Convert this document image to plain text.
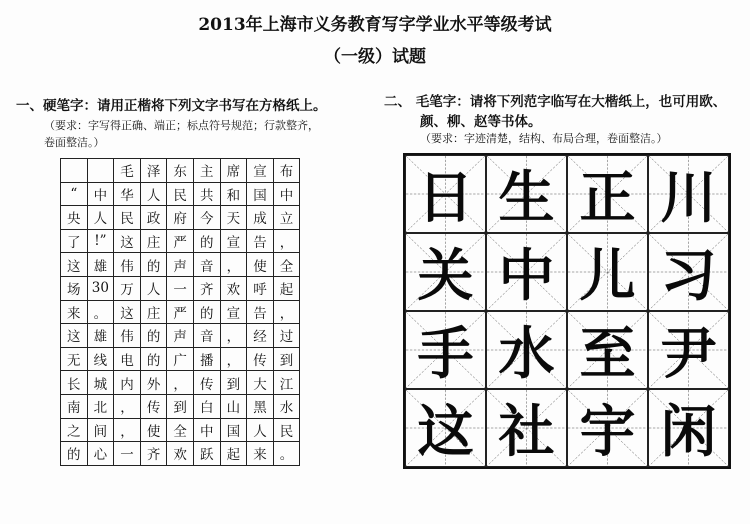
2013年上海市义务教育写字学业水平等级考试
（一级）试题
一、硬笔字：请用正楷将下列文字书写在方格纸上。
（要求：字写得正确、端正；标点符号规范；行款整齐，
卷面整洁。）
		毛	泽	东	主	席	宣	布
“	中	华	人	民	共	和	国	中
央	人	民	政	府	今	天	成	立
了	!”	这	庄	严	的	宣	告	，
这	雄	伟	的	声	音	，	使	全
场	30	万	人	一	齐	欢	呼	起
来	。	这	庄	严	的	宣	告	，
这	雄	伟	的	声	音	，	经	过
无	线	电	的	广	播	，	传	到
长	城	内	外	，	传	到	大	江
南	北	，	传	到	白	山	黑	水
之	间	，	使	全	中	国	人	民
的	心	一	齐	欢	跃	起	来	。
二、 毛笔字：请将下列范字临写在大楷纸上，也可用欧、
颜、柳、赵等书体。
（要求：字迹清楚，结构、布局合理，卷面整洁。）
日 生 正 川
关 中 儿 习
手 水 至 尹
这 社 宇 闲
